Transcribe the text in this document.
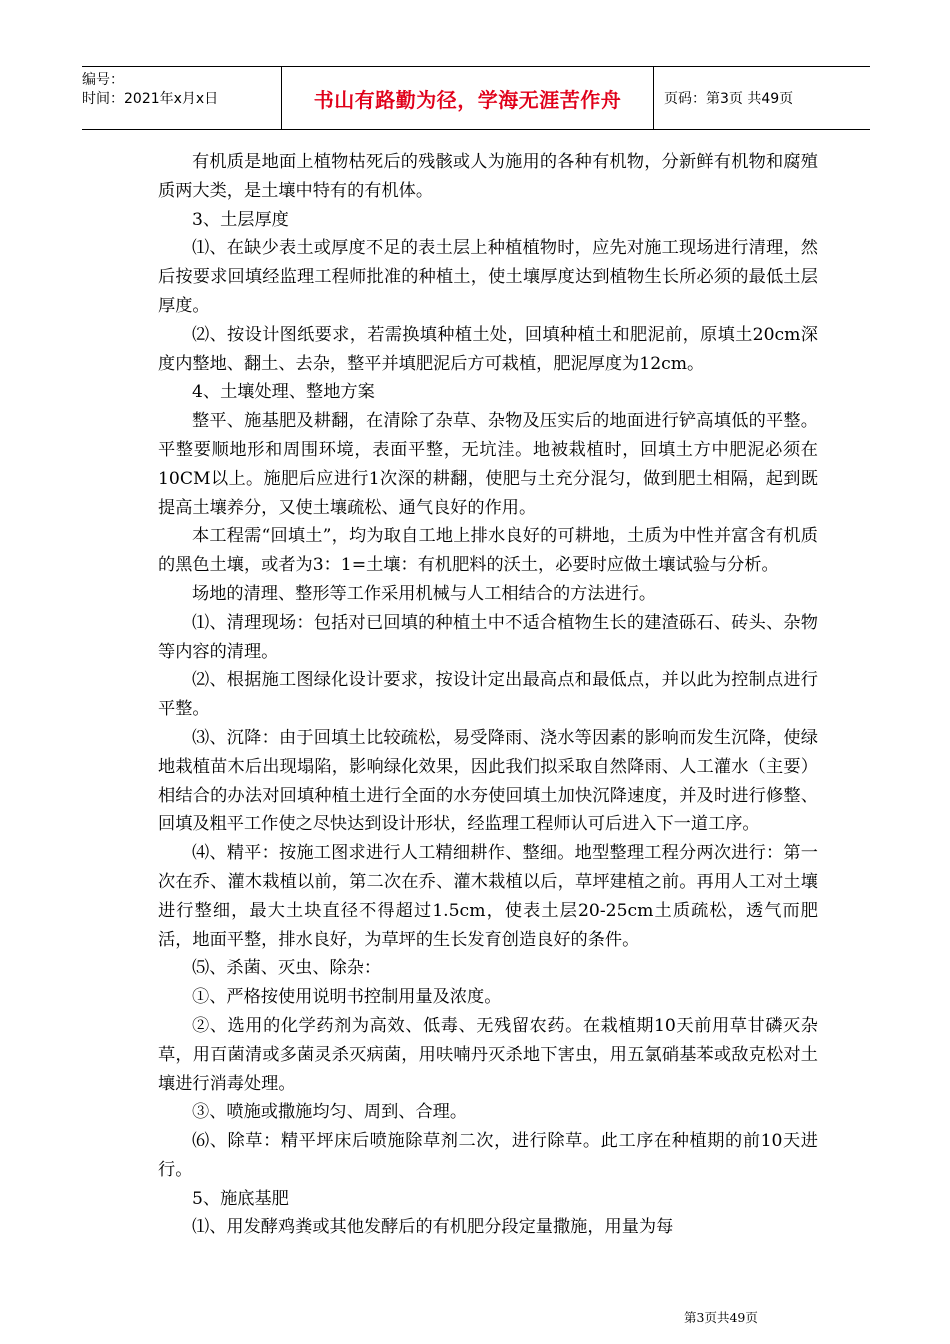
编号：
时间：2021年x月x日	书山有路勤为径，学海无涯苦作舟	页码：第3页 共49页

有机质是地面上植物枯死后的残骸或人为施用的各种有机物，分新鲜有机物和腐殖质两大类，是土壤中特有的有机体。

3、土层厚度

⑴、在缺少表土或厚度不足的表土层上种植植物时，应先对施工现场进行清理，然后按要求回填经监理工程师批准的种植土，使土壤厚度达到植物生长所必须的最低土层厚度。

⑵、按设计图纸要求，若需换填种植土处，回填种植土和肥泥前，原填土20cm深度内整地、翻土、去杂，整平并填肥泥后方可栽植，肥泥厚度为12cm。

4、土壤处理、整地方案

整平、施基肥及耕翻，在清除了杂草、杂物及压实后的地面进行铲高填低的平整。平整要顺地形和周围环境，表面平整，无坑洼。地被栽植时，回填土方中肥泥必须在10CM以上。施肥后应进行1次深的耕翻，使肥与土充分混匀，做到肥土相隔，起到既提高土壤养分，又使土壤疏松、通气良好的作用。

本工程需“回填土”，均为取自工地上排水良好的可耕地，土质为中性并富含有机质的黑色土壤，或者为3：1=土壤：有机肥料的沃土，必要时应做土壤试验与分析。

场地的清理、整形等工作采用机械与人工相结合的方法进行。

⑴、清理现场：包括对已回填的种植土中不适合植物生长的建渣砾石、砖头、杂物等内容的清理。

⑵、根据施工图绿化设计要求，按设计定出最高点和最低点，并以此为控制点进行平整。

⑶、沉降：由于回填土比较疏松，易受降雨、浇水等因素的影响而发生沉降，使绿地栽植苗木后出现塌陷，影响绿化效果，因此我们拟采取自然降雨、人工灌水（主要）相结合的办法对回填种植土进行全面的水夯使回填土加快沉降速度，并及时进行修整、回填及粗平工作使之尽快达到设计形状，经监理工程师认可后进入下一道工序。

⑷、精平：按施工图求进行人工精细耕作、整细。地型整理工程分两次进行：第一次在乔、灌木栽植以前，第二次在乔、灌木栽植以后，草坪建植之前。再用人工对土壤进行整细，最大土块直径不得超过1.5cm，使表土层20-25cm土质疏松，透气而肥活，地面平整，排水良好，为草坪的生长发育创造良好的条件。

⑸、杀菌、灭虫、除杂：

①、严格按使用说明书控制用量及浓度。

②、选用的化学药剂为高效、低毒、无残留农药。在栽植期10天前用草甘磷灭杂草，用百菌清或多菌灵杀灭病菌，用呋喃丹灭杀地下害虫，用五氯硝基苯或敌克松对土壤进行消毒处理。

③、喷施或撒施均匀、周到、合理。

⑹、除草：精平坪床后喷施除草剂二次，进行除草。此工序在种植期的前10天进行。

5、施底基肥

⑴、用发酵鸡粪或其他发酵后的有机肥分段定量撒施，用量为每

第3页共49页
